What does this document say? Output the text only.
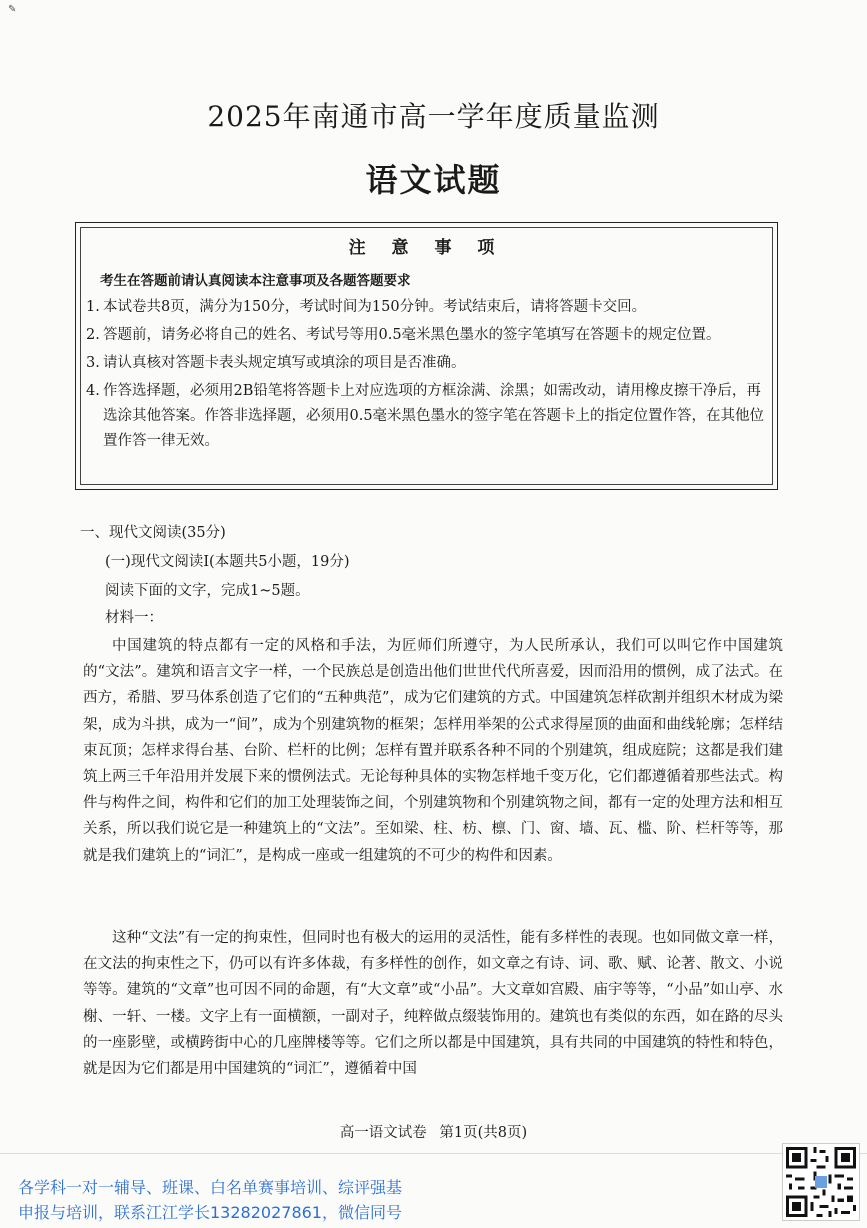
✎
2025年南通市高一学年度质量监测
语文试题
注 意 事 项
考生在答题前请认真阅读本注意事项及各题答题要求
1. 本试卷共8页，满分为150分，考试时间为150分钟。考试结束后，请将答题卡交回。
2. 答题前，请务必将自己的姓名、考试号等用0.5毫米黑色墨水的签字笔填写在答题卡的规定位置。
3. 请认真核对答题卡表头规定填写或填涂的项目是否准确。
4. 作答选择题，必须用2B铅笔将答题卡上对应选项的方框涂满、涂黑；如需改动，请用橡皮擦干净后，再选涂其他答案。作答非选择题，必须用0.5毫米黑色墨水的签字笔在答题卡上的指定位置作答，在其他位置作答一律无效。
一、现代文阅读(35分)
(一)现代文阅读Ⅰ(本题共5小题，19分)
阅读下面的文字，完成1~5题。
材料一：

中国建筑的特点都有一定的风格和手法，为匠师们所遵守，为人民所承认，我们可以叫它作中国建筑的“文法”。建筑和语言文字一样，一个民族总是创造出他们世世代代所喜爱，因而沿用的惯例，成了法式。在西方，希腊、罗马体系创造了它们的“五种典范”，成为它们建筑的方式。中国建筑怎样砍割并组织木材成为梁架，成为斗拱，成为一“间”，成为个别建筑物的框架；怎样用举架的公式求得屋顶的曲面和曲线轮廓；怎样结束瓦顶；怎样求得台基、台阶、栏杆的比例；怎样有置并联系各种不同的个别建筑，组成庭院；这都是我们建筑上两三千年沿用并发展下来的惯例法式。无论每种具体的实物怎样地千变万化，它们都遵循着那些法式。构件与构件之间，构件和它们的加工处理装饰之间，个别建筑物和个别建筑物之间，都有一定的处理方法和相互关系，所以我们说它是一种建筑上的“文法”。至如梁、柱、枋、檩、门、窗、墙、瓦、槛、阶、栏杆等等，那就是我们建筑上的“词汇”，是构成一座或一组建筑的不可少的构件和因素。

这种“文法”有一定的拘束性，但同时也有极大的运用的灵活性，能有多样性的表现。也如同做文章一样，在文法的拘束性之下，仍可以有许多体裁，有多样性的创作，如文章之有诗、词、歌、赋、论著、散文、小说等等。建筑的“文章”也可因不同的命题，有“大文章”或“小品”。大文章如宫殿、庙宇等等，“小品”如山亭、水榭、一轩、一楼。文字上有一面横额，一副对子，纯粹做点缀装饰用的。建筑也有类似的东西，如在路的尽头的一座影壁，或横跨街中心的几座牌楼等等。它们之所以都是中国建筑，具有共同的中国建筑的特性和特色，就是因为它们都是用中国建筑的“词汇”，遵循着中国

高一语文试卷 第1页(共8页)
各学科一对一辅导、班课、白名单赛事培训、综评强基
申报与培训，联系江江学长13282027861，微信同号
